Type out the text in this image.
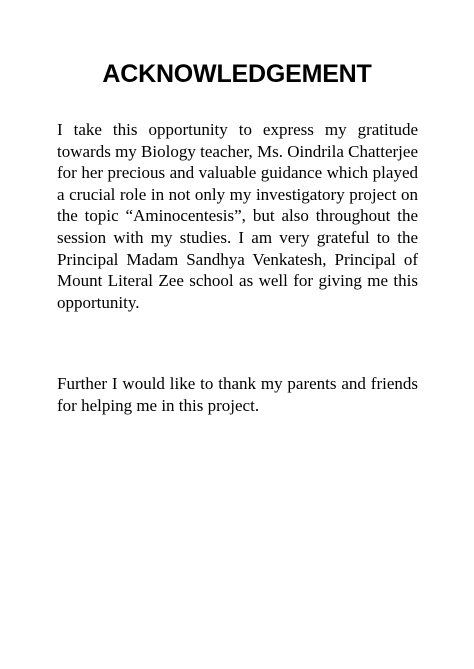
ACKNOWLEDGEMENT

I take this opportunity to express my gratitude towards my Biology teacher, Ms. Oindrila Chatterjee for her precious and valuable guidance which played a crucial role in not only my investigatory project on the topic “Aminocentesis”, but also throughout the session with my studies. I am very grateful to the Principal Madam Sandhya Venkatesh, Principal of Mount Literal Zee school as well for giving me this opportunity.

Further I would like to thank my parents and friends for helping me in this project.
